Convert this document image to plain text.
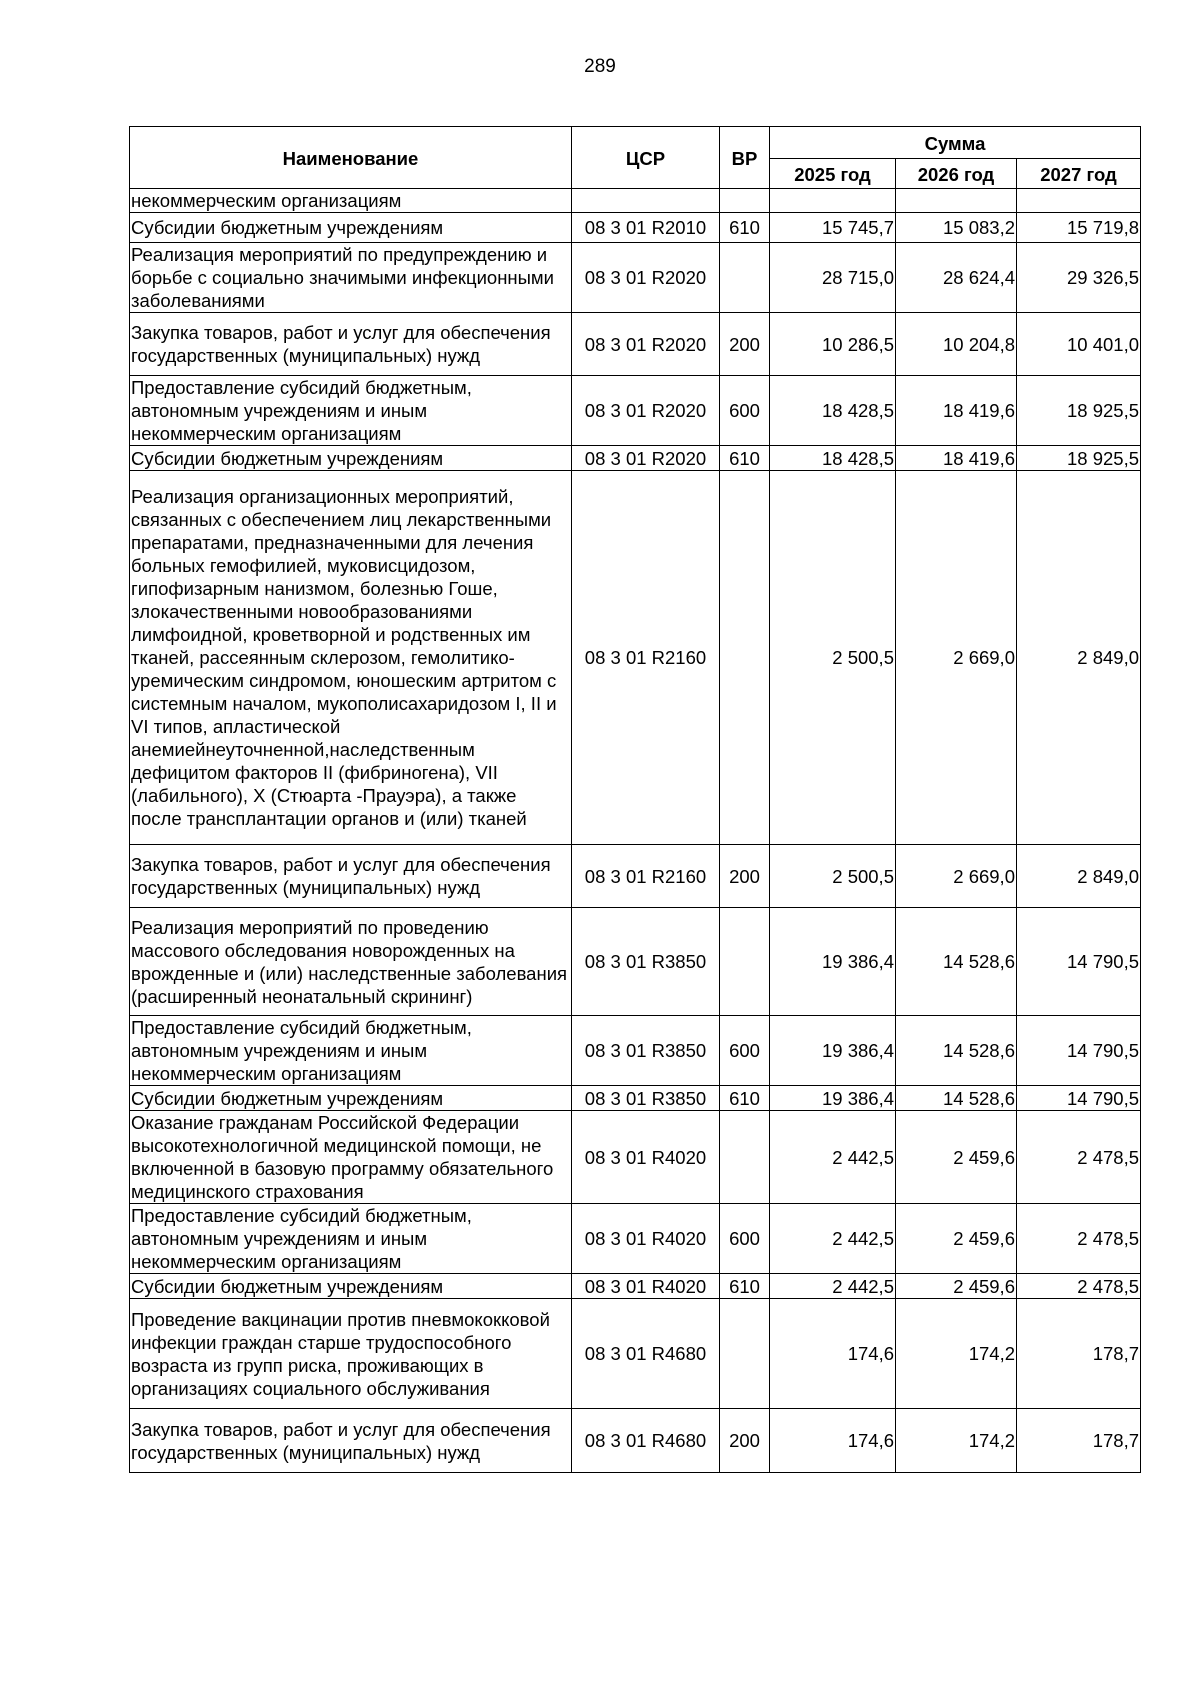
289
Наименование	ЦСР	ВР	Сумма		
			2025 год	2026 год	2027 год
некоммерческим организациям					
Субсидии бюджетным учреждениям	08 3 01 R2010	610	15 745,7	15 083,2	15 719,8
Реализация мероприятий по предупреждению и борьбе с социально значимыми инфекционными заболеваниями	08 3 01 R2020		28 715,0	28 624,4	29 326,5
Закупка товаров, работ и услуг для обеспечения государственных (муниципальных) нужд	08 3 01 R2020	200	10 286,5	10 204,8	10 401,0
Предоставление субсидий бюджетным, автономным учреждениям и иным некоммерческим организациям	08 3 01 R2020	600	18 428,5	18 419,6	18 925,5
Субсидии бюджетным учреждениям	08 3 01 R2020	610	18 428,5	18 419,6	18 925,5
Реализация организационных мероприятий, связанных с обеспечением лиц лекарственными препаратами, предназначенными для лечения больных гемофилией, муковисцидозом, гипофизарным нанизмом, болезнью Гоше, злокачественными новообразованиями лимфоидной, кроветворной и родственных им тканей, рассеянным склерозом, гемолитико-уремическим синдромом, юношеским артритом с системным началом, мукополисахаридозом I, II и VI типов, апластической анемиейнеуточненной,наследственным дефицитом факторов II (фибриногена), VII (лабильного), X (Стюарта -Прауэра), а также после трансплантации органов и (или) тканей	08 3 01 R2160		2 500,5	2 669,0	2 849,0
Закупка товаров, работ и услуг для обеспечения государственных (муниципальных) нужд	08 3 01 R2160	200	2 500,5	2 669,0	2 849,0
Реализация мероприятий по проведению массового обследования новорожденных на врожденные и (или) наследственные заболевания (расширенный неонатальный скрининг)	08 3 01 R3850		19 386,4	14 528,6	14 790,5
Предоставление субсидий бюджетным, автономным учреждениям и иным некоммерческим организациям	08 3 01 R3850	600	19 386,4	14 528,6	14 790,5
Субсидии бюджетным учреждениям	08 3 01 R3850	610	19 386,4	14 528,6	14 790,5
Оказание гражданам Российской Федерации высокотехнологичной медицинской помощи, не включенной в базовую программу обязательного медицинского страхования	08 3 01 R4020		2 442,5	2 459,6	2 478,5
Предоставление субсидий бюджетным, автономным учреждениям и иным некоммерческим организациям	08 3 01 R4020	600	2 442,5	2 459,6	2 478,5
Субсидии бюджетным учреждениям	08 3 01 R4020	610	2 442,5	2 459,6	2 478,5
Проведение вакцинации против пневмококковой инфекции граждан старше трудоспособного возраста из групп риска, проживающих в организациях социального обслуживания	08 3 01 R4680		174,6	174,2	178,7
Закупка товаров, работ и услуг для обеспечения государственных (муниципальных) нужд	08 3 01 R4680	200	174,6	174,2	178,7
